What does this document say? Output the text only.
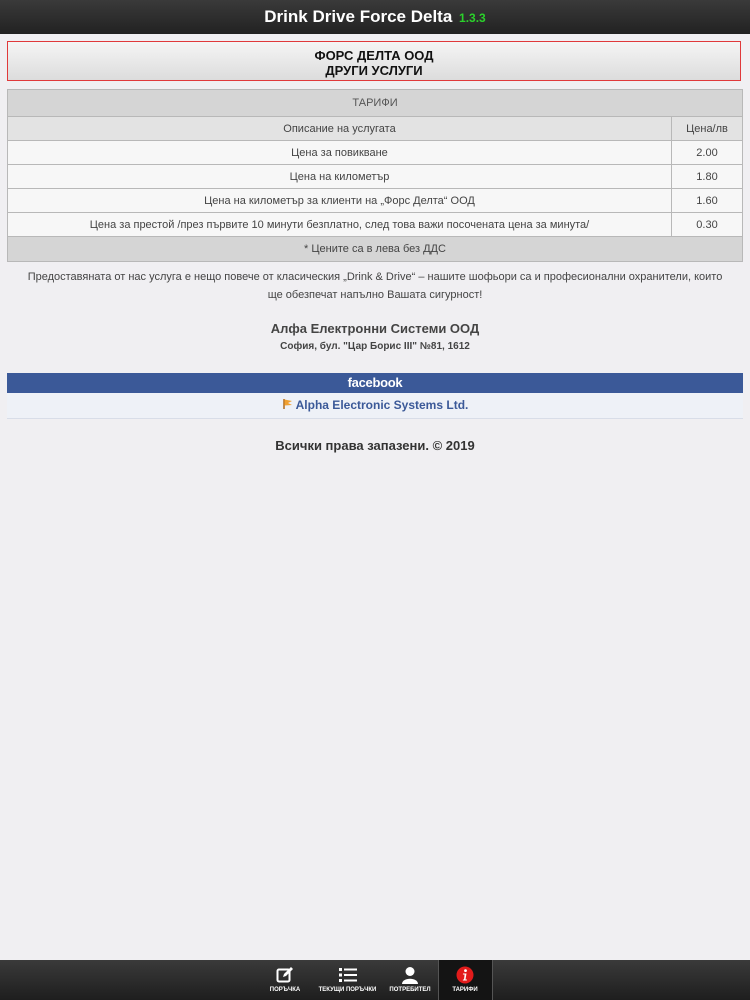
Drink Drive Force Delta 1.3.3
ФОРС ДЕЛТА ООД
ДРУГИ УСЛУГИ
ТАРИФИ	
Описание на услугата	Цена/лв
Цена за повикване	2.00
Цена на километър	1.80
Цена на километър за клиенти на „Форс Делта“ ООД	1.60
Цена за престой /през първите 10 минути безплатно, след това важи посочената цена за минута/	0.30
* Цените са в лева без ДДС	
Предоставяната от нас услуга е нещо повече от класическия „Drink & Drive“ – нашите шофьори са и професионални охранители, които ще обезпечат напълно Вашата сигурност!
Алфа Електронни Системи ООД
София, бул. "Цар Борис III" №81, 1612
facebook
Alpha Electronic Systems Ltd.
Всички права запазени. © 2019
ПОРЪЧКА	ТЕКУЩИ ПОРЪЧКИ ПОТРЕБИТЕЛ	ТАРИФИ
